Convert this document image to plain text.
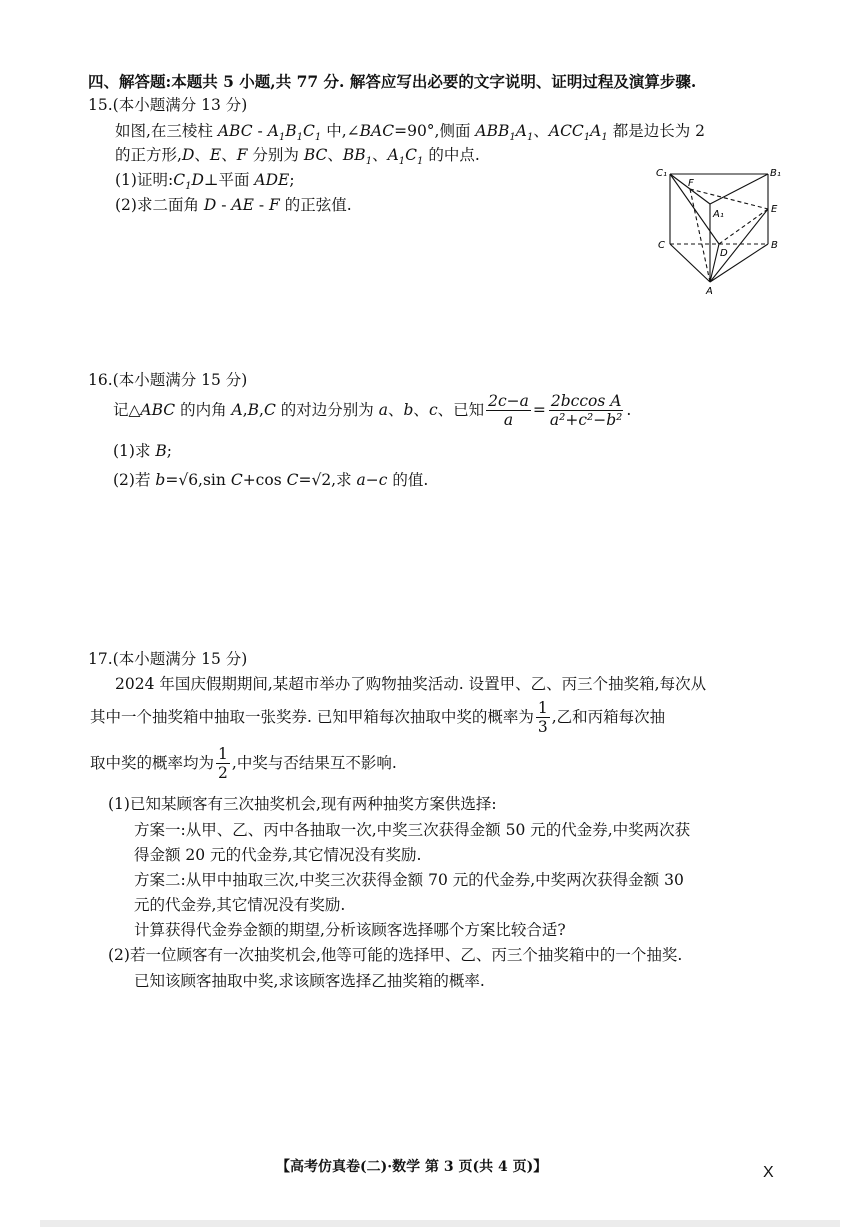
四、解答题:本题共 5 小题,共 77 分. 解答应写出必要的文字说明、证明过程及演算步骤.
15.(本小题满分 13 分)
如图,在三棱柱 ABC - $A_1B_1C_1$ 中,∠BAC=90°,侧面 $ABB_1A_1$、$ACC_1A_1$ 都是边长为 2
的正方形,D、E、F 分别为 BC、$BB_1$、$A_1C_1$ 的中点.
(1)证明$:C_1D\perp$平面 ADE;
(2)求二面角 D - AE - F 的正弦值.
C₁	B₁
F
E
A₁
C	B
D
A
16.(本小题满分 15 分)
记△ABC 的内角 A,B,C 的对边分别为 a、b、c、已知 $\frac{2c-a}{a} = \frac{\text{2bccos A}}{\text{a²+c²−b²}}$ .
(1)求 B;
(2)若 b=√6,sin C+cos C=√2,求 a−c 的值.
17.(本小题满分 15 分)
2024 年国庆假期期间,某超市举办了购物抽奖活动. 设置甲、乙、丙三个抽奖箱,每次从
其中一个抽奖箱中抽取一张奖券. 已知甲箱每次抽取中奖的概率为 $\frac{1}{3}$ ,乙和丙箱每次抽
取中奖的概率均为 $\frac{1}{2}$ ,中奖与否结果互不影响.
(1)已知某顾客有三次抽奖机会,现有两种抽奖方案供选择:
方案一:从甲、乙、丙中各抽取一次,中奖三次获得金额 50 元的代金券,中奖两次获
得金额 20 元的代金券,其它情况没有奖励.
方案二:从甲中抽取三次,中奖三次获得金额 70 元的代金券,中奖两次获得金额 30
元的代金券,其它情况没有奖励.
计算获得代金券金额的期望,分析该顾客选择哪个方案比较合适?
(2)若一位顾客有一次抽奖机会,他等可能的选择甲、乙、丙三个抽奖箱中的一个抽奖.
已知该顾客抽取中奖,求该顾客选择乙抽奖箱的概率.
【高考仿真卷(二)·数学 第 3 页(共 4 页)】	X
